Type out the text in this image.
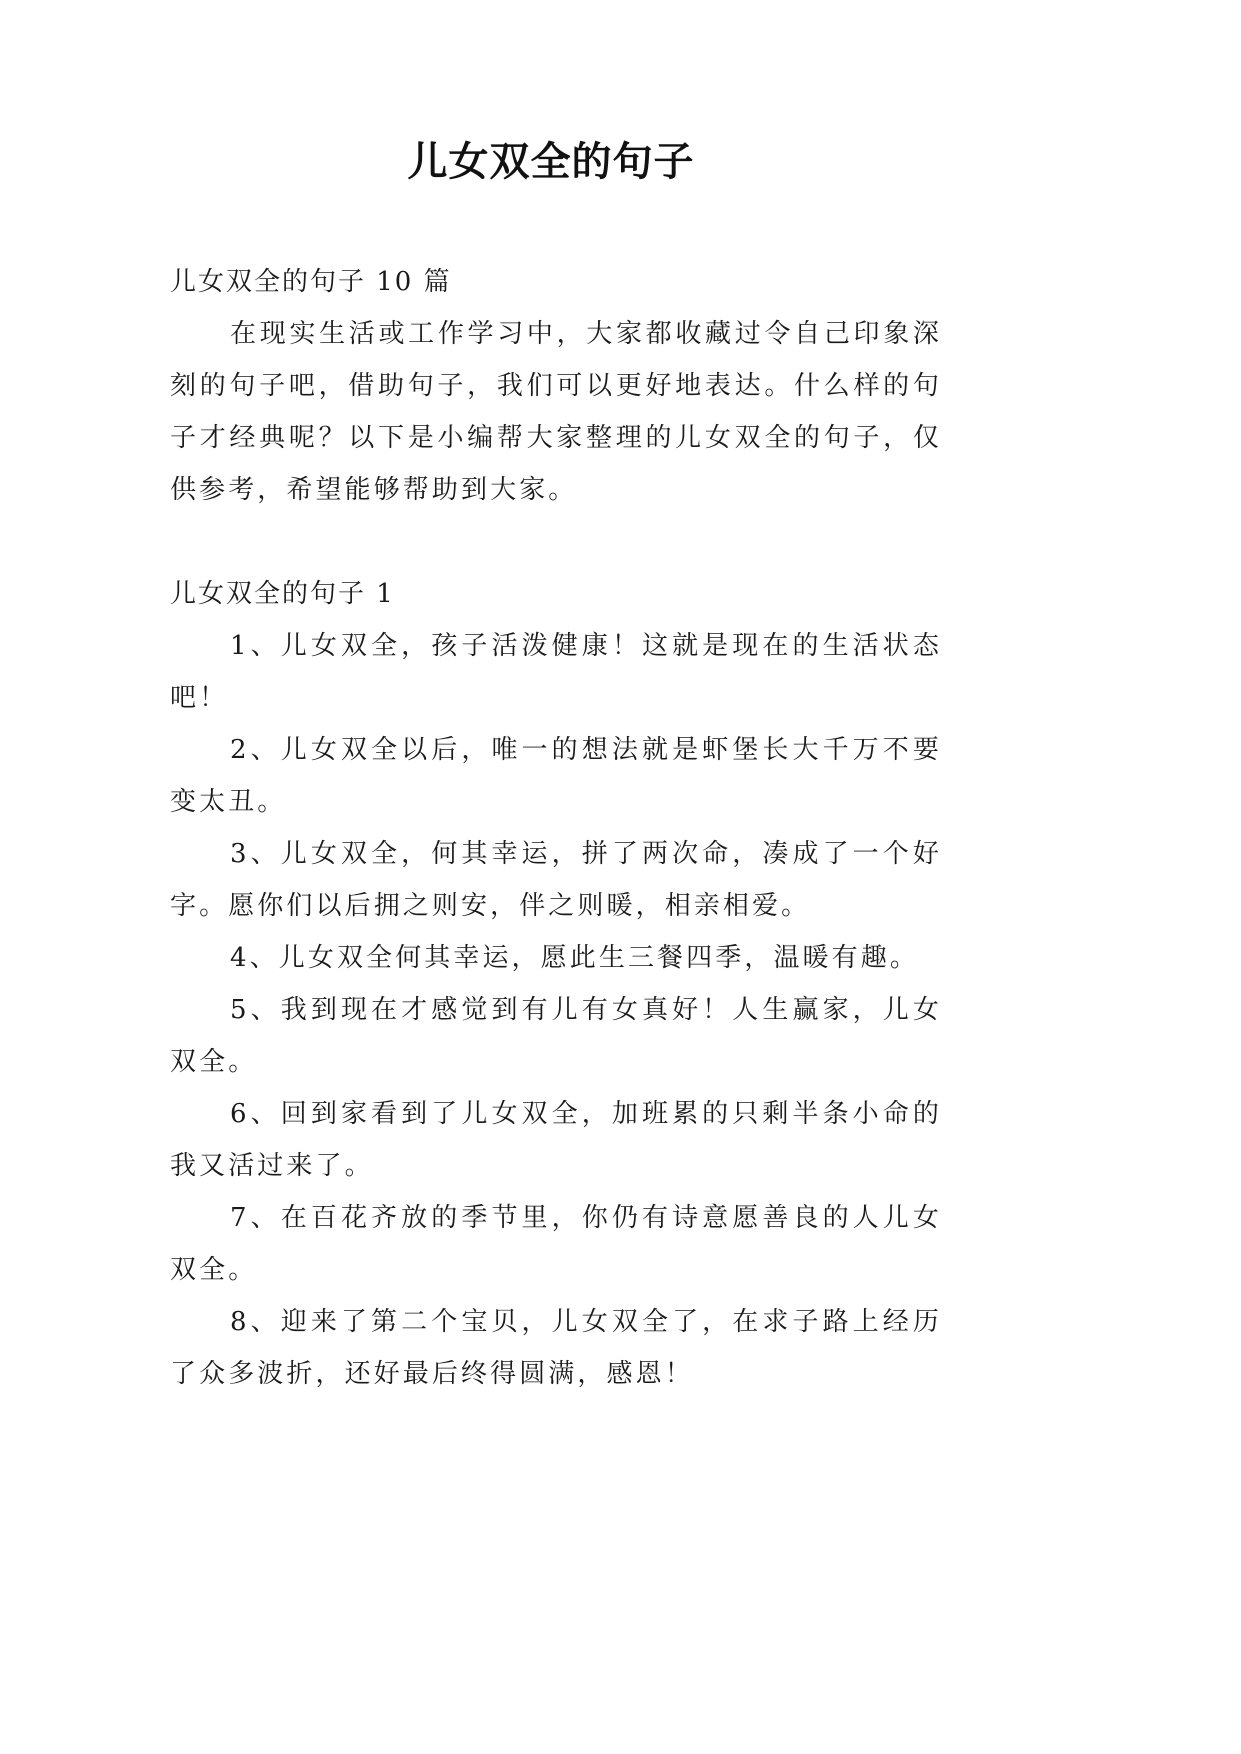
儿女双全的句子

儿女双全的句子 10 篇

在现实生活或工作学习中，大家都收藏过令自己印象深刻的句子吧，借助句子，我们可以更好地表达。什么样的句子才经典呢？以下是小编帮大家整理的儿女双全的句子，仅供参考，希望能够帮助到大家。

儿女双全的句子 1

1、儿女双全，孩子活泼健康！这就是现在的生活状态吧！

2、儿女双全以后，唯一的想法就是虾堡长大千万不要变太丑。

3、儿女双全，何其幸运，拼了两次命，凑成了一个好字。愿你们以后拥之则安，伴之则暖，相亲相爱。

4、儿女双全何其幸运，愿此生三餐四季，温暖有趣。

5、我到现在才感觉到有儿有女真好！人生赢家，儿女双全。

6、回到家看到了儿女双全，加班累的只剩半条小命的我又活过来了。

7、在百花齐放的季节里，你仍有诗意愿善良的人儿女双全。

8、迎来了第二个宝贝，儿女双全了，在求子路上经历了众多波折，还好最后终得圆满，感恩！
